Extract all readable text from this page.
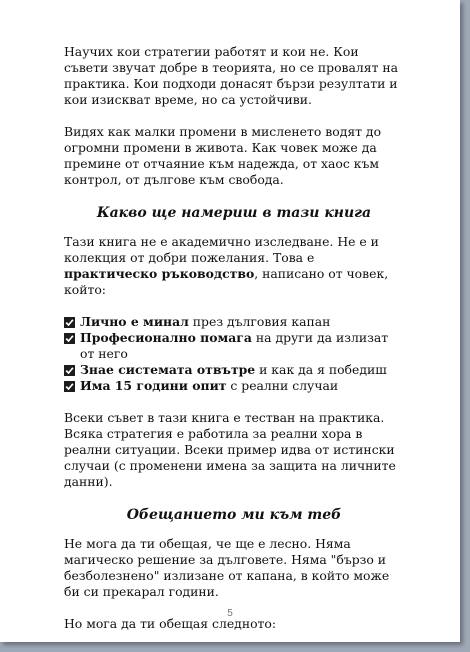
Научих кои стратегии работят и кои не. Кои съвети звучат добре в теорията, но се провалят на практика. Кои подходи донасят бързи резултати и кои изискват време, но са устойчиви.

Видях как малки промени в мисленето водят до огромни промени в живота. Как човек може да премине от отчаяние към надежда, от хаос към контрол, от дългове към свобода.

Какво ще намериш в тази книга

Тази книга не е академично изследване. Не е и колекция от добри пожелания. Това е практическо ръководство, написано от човек, който:

Лично е минал през дълговия капан
Професионално помага на други да излизат от него
Знае системата отвътре и как да я победиш
Има 15 години опит с реални случаи

Всеки съвет в тази книга е тестван на практика. Всяка стратегия е работила за реални хора в реални ситуации. Всеки пример идва от истински случаи (с променени имена за защита на личните данни).

Обещанието ми към теб

Не мога да ти обещая, че ще е лесно. Няма магическо решение за дълговете. Няма "бързо и безболезнено" излизане от капана, в който може би си прекарал години.

Но мога да ти обещая следното:

5
